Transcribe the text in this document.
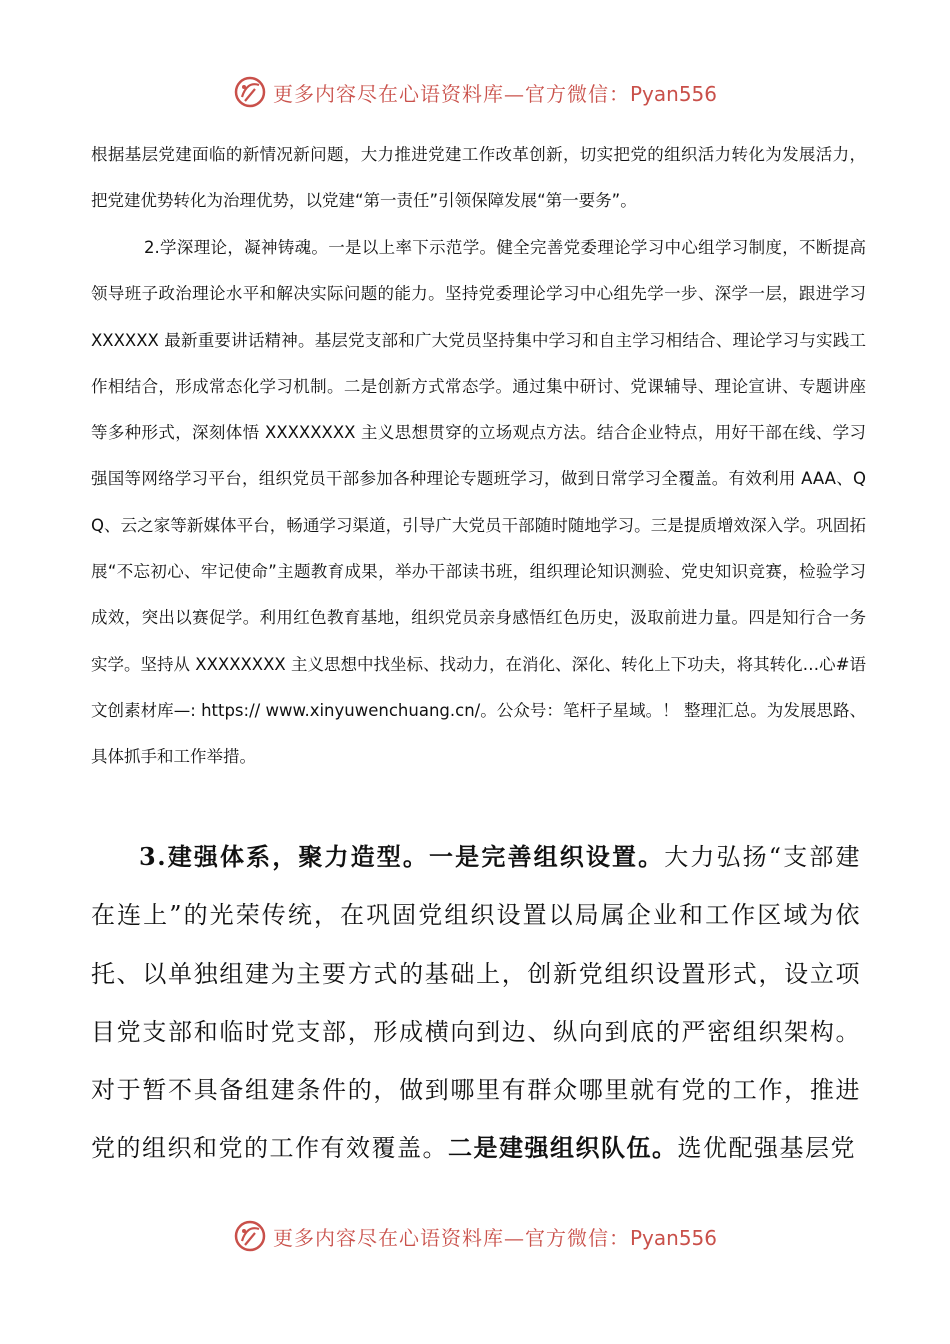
更多内容尽在心语资料库—官方微信：Pyan556

根据基层党建面临的新情况新问题，大力推进党建工作改革创新，切实把党的组织活力转化为发展活力，把党建优势转化为治理优势，以党建“第一责任”引领保障发展“第一要务”。

2.学深理论，凝神铸魂。一是以上率下示范学。健全完善党委理论学习中心组学习制度，不断提高领导班子政治理论水平和解决实际问题的能力。坚持党委理论学习中心组先学一步、深学一层，跟进学习 XXXXXX 最新重要讲话精神。基层党支部和广大党员坚持集中学习和自主学习相结合、理论学习与实践工作相结合，形成常态化学习机制。二是创新方式常态学。通过集中研讨、党课辅导、理论宣讲、专题讲座等多种形式，深刻体悟 XXXXXXXX 主义思想贯穿的立场观点方法。结合企业特点，用好干部在线、学习强国等网络学习平台，组织党员干部参加各种理论专题班学习，做到日常学习全覆盖。有效利用 AAA、QQ、云之家等新媒体平台，畅通学习渠道，引导广大党员干部随时随地学习。三是提质增效深入学。巩固拓展“不忘初心、牢记使命”主题教育成果，举办干部读书班，组织理论知识测验、党史知识竞赛，检验学习成效，突出以赛促学。利用红色教育基地，组织党员亲身感悟红色历史，汲取前进力量。四是知行合一务实学。坚持从 XXXXXXXX 主义思想中找坐标、找动力，在消化、深化、转化上下功夫，将其转化…心#语文创素材库—: https:// www.xinyuwenchuang.cn/。公众号：笔杆子星域。！ 整理汇总。为发展思路、具体抓手和工作举措。

3.建强体系，聚力造型。一是完善组织设置。大力弘扬“支部建在连上”的光荣传统，在巩固党组织设置以局属企业和工作区域为依托、以单独组建为主要方式的基础上，创新党组织设置形式，设立项目党支部和临时党支部，形成横向到边、纵向到底的严密组织架构。对于暂不具备组建条件的，做到哪里有群众哪里就有党的工作，推进党的组织和党的工作有效覆盖。二是建强组织队伍。选优配强基层党

更多内容尽在心语资料库—官方微信：Pyan556
